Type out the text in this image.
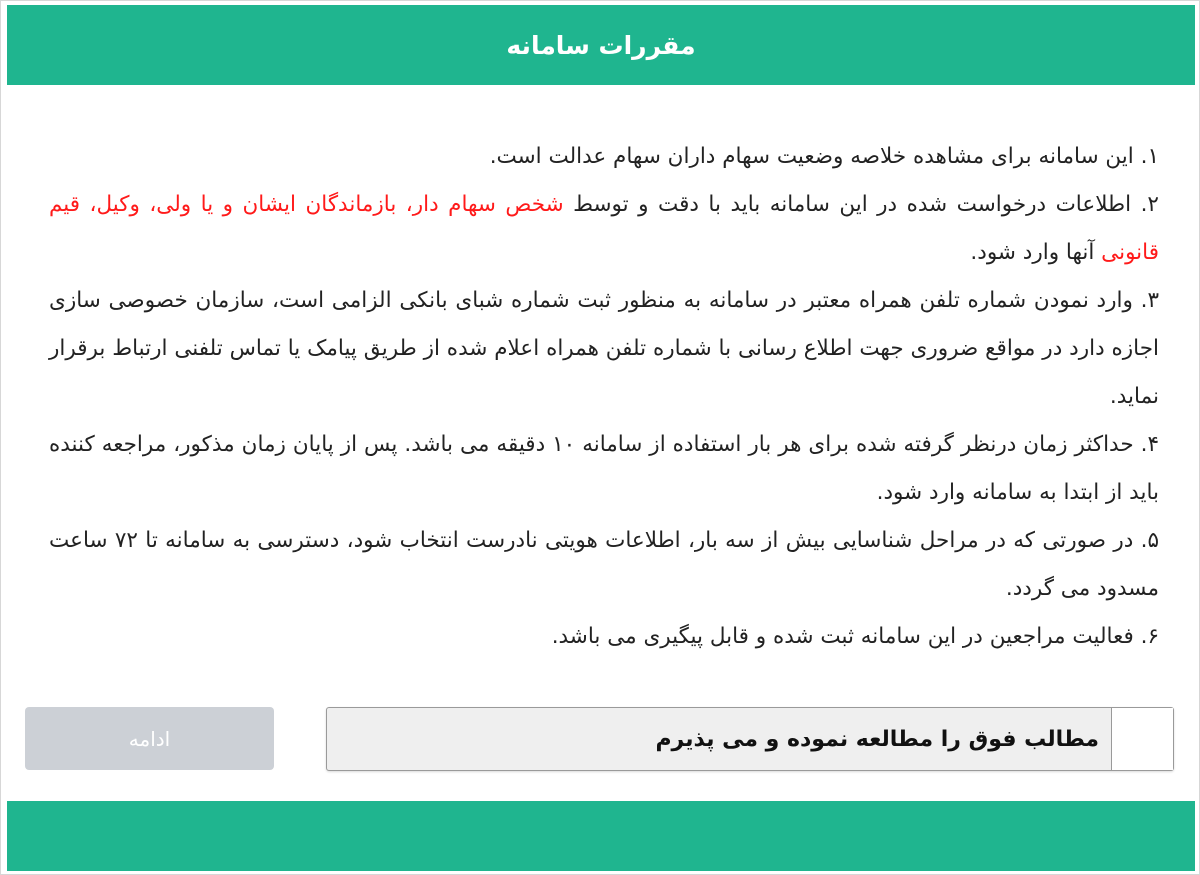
مقررات سامانه
۱. این سامانه برای مشاهده خلاصه وضعیت سهام داران سهام عدالت است.
۲. اطلاعات درخواست شده در این سامانه باید با دقت و توسط شخص سهام دار، بازماندگان ایشان و یا ولی، وکیل، قیم قانونی آنها وارد شود.
۳. وارد نمودن شماره تلفن همراه معتبر در سامانه به منظور ثبت شماره شبای بانکی الزامی است، سازمان خصوصی سازی اجازه دارد در مواقع ضروری جهت اطلاع رسانی با شماره تلفن همراه اعلام شده از طریق پیامک یا تماس تلفنی ارتباط برقرار نماید.
۴. حداکثر زمان درنظر گرفته شده برای هر بار استفاده از سامانه ۱۰ دقیقه می باشد. پس از پایان زمان مذکور، مراجعه کننده باید از ابتدا به سامانه وارد شود.
۵. در صورتی که در مراحل شناسایی بیش از سه بار، اطلاعات هویتی نادرست انتخاب شود، دسترسی به سامانه تا ۷۲ ساعت مسدود می گردد.
۶. فعالیت مراجعین در این سامانه ثبت شده و قابل پیگیری می باشد.
مطالب فوق را مطالعه نموده و می پذیرم
ادامه
